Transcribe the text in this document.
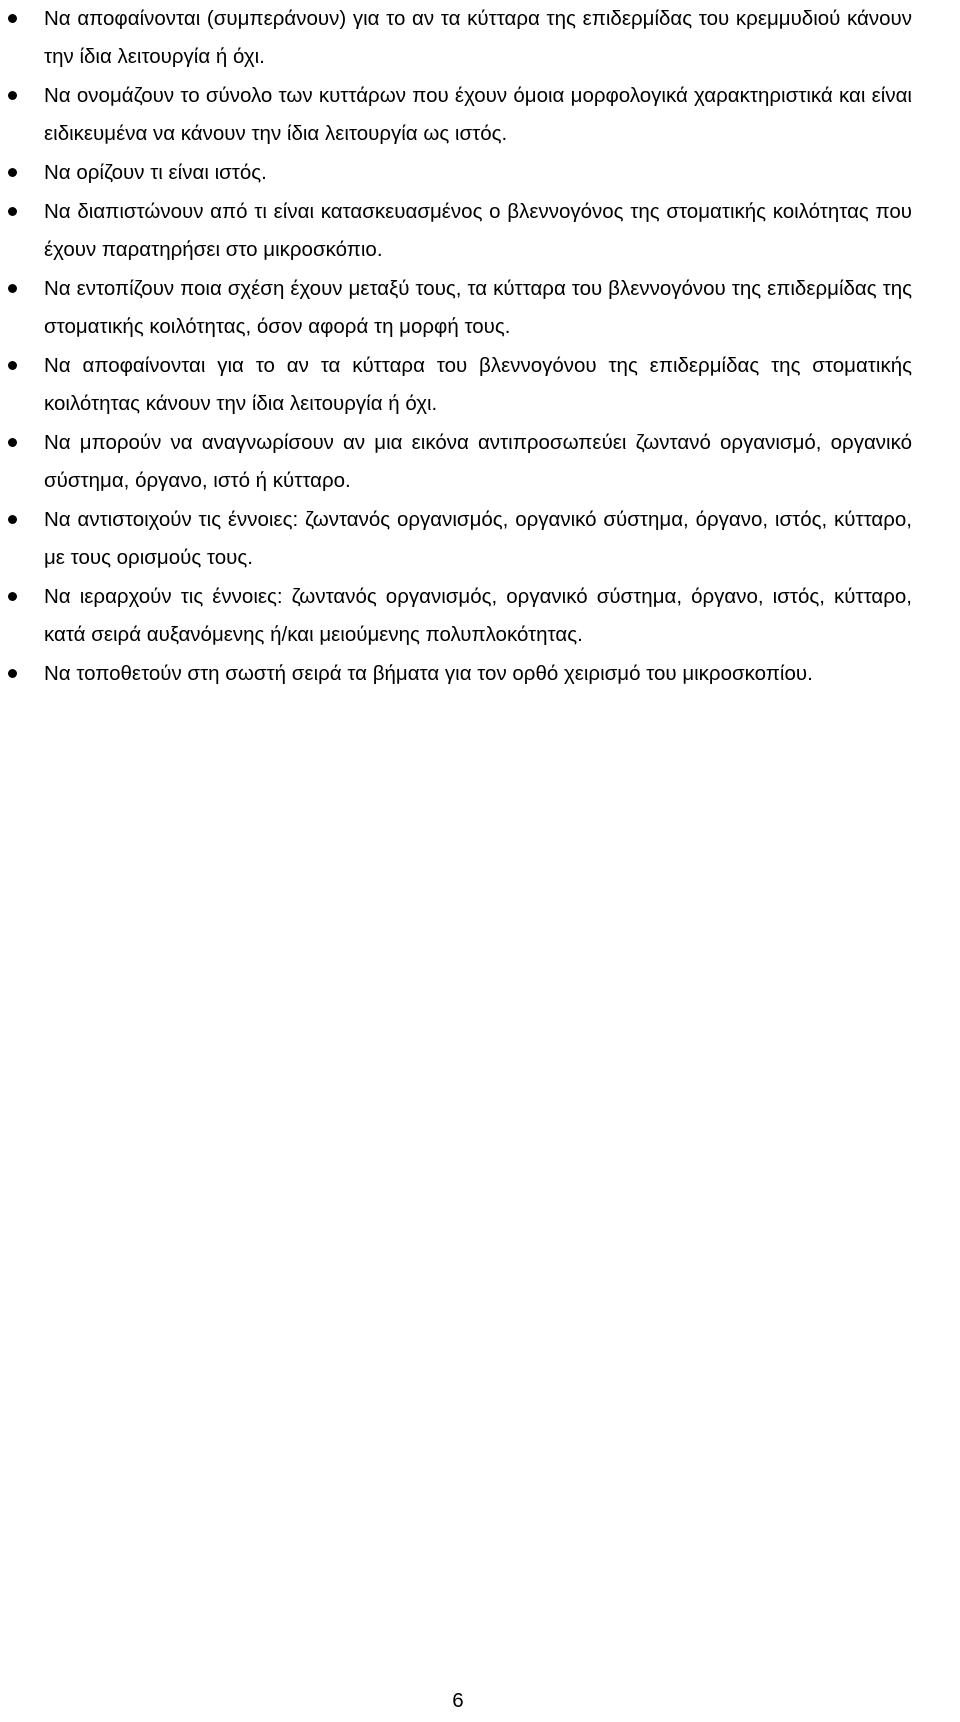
Να αποφαίνονται (συμπεράνουν) για το αν τα κύτταρα της επιδερμίδας του κρεμμυδιού κάνουν την ίδια λειτουργία ή όχι.
Να ονομάζουν το σύνολο των κυττάρων που έχουν όμοια μορφολογικά χαρακτηριστικά και είναι ειδικευμένα να κάνουν την ίδια λειτουργία ως ιστός.
Να ορίζουν τι είναι ιστός.
Να διαπιστώνουν από τι είναι κατασκευασμένος ο βλεννογόνος της στοματικής κοιλότητας που έχουν παρατηρήσει στο μικροσκόπιο.
Να εντοπίζουν ποια σχέση έχουν μεταξύ τους, τα κύτταρα του βλεννογόνου της επιδερμίδας της στοματικής κοιλότητας, όσον αφορά τη μορφή τους.
Να αποφαίνονται για το αν τα κύτταρα του βλεννογόνου της επιδερμίδας της στοματικής κοιλότητας κάνουν την ίδια λειτουργία ή όχι.
Να μπορούν να αναγνωρίσουν αν μια εικόνα αντιπροσωπεύει ζωντανό οργανισμό, οργανικό σύστημα, όργανο, ιστό ή κύτταρο.
Να αντιστοιχούν τις έννοιες: ζωντανός οργανισμός, οργανικό σύστημα, όργανο, ιστός, κύτταρο, με τους ορισμούς τους.
Να ιεραρχούν τις έννοιες: ζωντανός οργανισμός, οργανικό σύστημα, όργανο, ιστός, κύτταρο, κατά σειρά αυξανόμενης ή/και μειούμενης πολυπλοκότητας.
Να τοποθετούν στη σωστή σειρά τα βήματα για τον ορθό χειρισμό του μικροσκοπίου.
6
